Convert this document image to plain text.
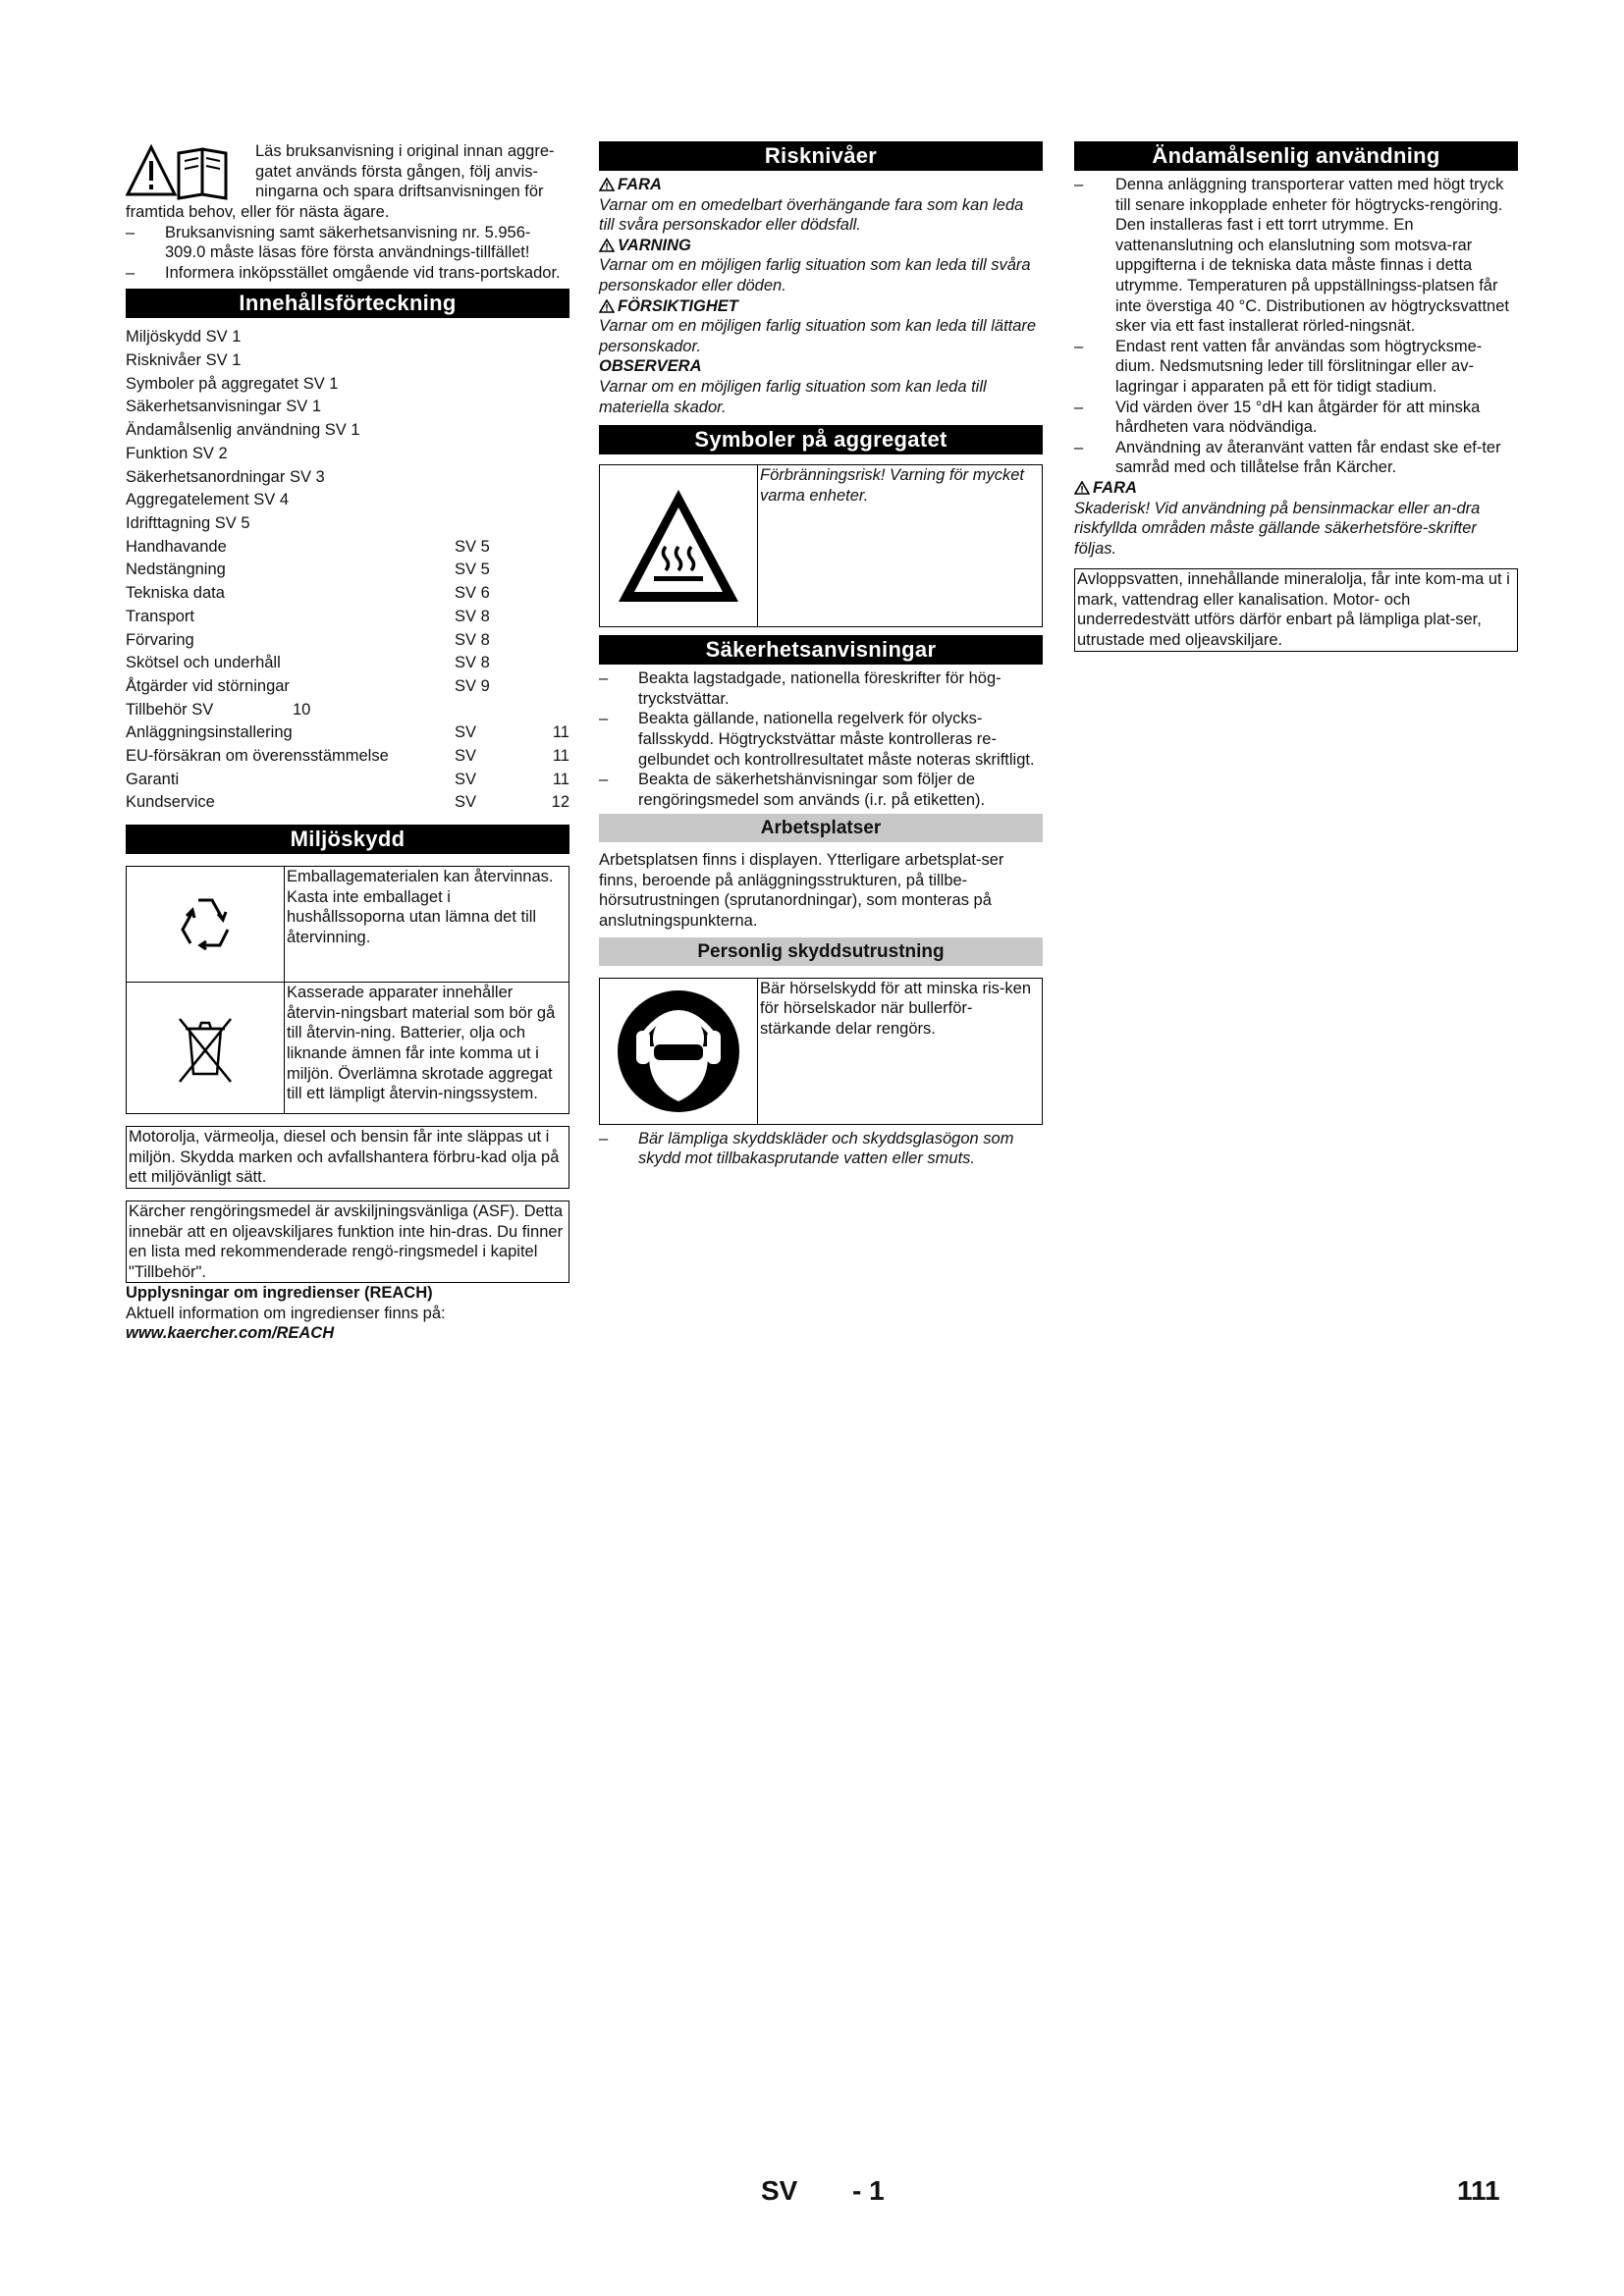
Läs bruksanvisning i original innan aggre-gatet används första gången, följ anvis-ningarna och spara driftsanvisningen för

framtida behov, eller för nästa ägare.

– Bruksanvisning samt säkerhetsanvisning nr. 5.956-309.0 måste läsas före första användnings-tillfället!

– Informera inköpsstället omgående vid trans-portskador.

Innehållsförteckning

Miljöskydd SV 1

Risknivåer SV 1

Symboler på aggregatet SV 1

Säkerhetsanvisningar SV 1

Ändamålsenlig användning SV 1

Funktion SV 2

Säkerhetsanordningar SV 3

Aggregatelement SV 4

Idrifttagning SV 5

Handhavande	SV 5
Nedstängning	SV 5
Tekniska data	SV 6
Transport	SV 8
Förvaring	SV 8
Skötsel och underhåll	SV 8
Åtgärder vid störningar	SV 9
Tillbehör SV	10
Anläggningsinstallering	SV	11
EU-försäkran om överensstämmelse	SV	11
Garanti	SV	11
Kundservice	SV	12
Miljöskydd
Emballagematerialen kan återvinnas. Kasta inte emballaget i hushållssoporna utan lämna det till återvinning.
Kasserade apparater innehåller återvin-ningsbart material som bör gå till återvin-ning. Batterier, olja och liknande ämnen får inte komma ut i miljön. Överlämna skrotade aggregat till ett lämpligt återvin-ningssystem.
Motorolja, värmeolja, diesel och bensin får inte släppas ut i miljön. Skydda marken och avfallshantera förbru-kad olja på ett miljövänligt sätt.
Kärcher rengöringsmedel är avskiljningsvänliga (ASF). Detta innebär att en oljeavskiljares funktion inte hin-dras. Du finner en lista med rekommenderade rengö-ringsmedel i kapitel "Tillbehör".

Upplysningar om ingredienser (REACH)

Aktuell information om ingredienser finns på:

www.kaercher.com/REACH

Risknivåer

FARA

Varnar om en omedelbart överhängande fara som kan leda till svåra personskador eller dödsfall.

VARNING

Varnar om en möjligen farlig situation som kan leda till svåra personskador eller döden.

FÖRSIKTIGHET

Varnar om en möjligen farlig situation som kan leda till lättare personskador.

OBSERVERA

Varnar om en möjligen farlig situation som kan leda till materiella skador.

Symboler på aggregatet
Förbränningsrisk! Varning för mycket varma enheter.
Säkerhetsanvisningar

– Beakta lagstadgade, nationella föreskrifter för hög-tryckstvättar.

– Beakta gällande, nationella regelverk för olycks-fallsskydd. Högtryckstvättar måste kontrolleras re-gelbundet och kontrollresultatet måste noteras skriftligt.

– Beakta de säkerhetshänvisningar som följer de rengöringsmedel som används (i.r. på etiketten).

Arbetsplatser

Arbetsplatsen finns i displayen. Ytterligare arbetsplat-ser finns, beroende på anläggningsstrukturen, på tillbe-hörsutrustningen (sprutanordningar), som monteras på anslutningspunkterna.

Personlig skyddsutrustning
Bär hörselskydd för att minska ris-ken för hörselskador när bullerför-stärkande delar rengörs.

– Bär lämpliga skyddskläder och skyddsglasögon som skydd mot tillbakasprutande vatten eller smuts.

Ändamålsenlig användning

– Denna anläggning transporterar vatten med högt tryck till senare inkopplade enheter för högtrycks-rengöring. Den installeras fast i ett torrt utrymme. En vattenanslutning och elanslutning som motsva-rar uppgifterna i de tekniska data måste finnas i detta utrymme. Temperaturen på uppställningss-platsen får inte överstiga 40 °C. Distributionen av högtrycksvattnet sker via ett fast installerat rörled-ningsnät.

– Endast rent vatten får användas som högtrycksme-dium. Nedsmutsning leder till förslitningar eller av-lagringar i apparaten på ett för tidigt stadium.

– Vid värden över 15 °dH kan åtgärder för att minska hårdheten vara nödvändiga.

– Användning av återanvänt vatten får endast ske ef-ter samråd med och tillåtelse från Kärcher.

FARA

Skaderisk! Vid användning på bensinmackar eller an-dra riskfyllda områden måste gällande säkerhetsföre-skrifter följas.

Avloppsvatten, innehållande mineralolja, får inte kom-ma ut i mark, vattendrag eller kanalisation. Motor- och underredestvätt utförs därför enbart på lämpliga plat-ser, utrustade med oljeavskiljare.
SV - 1	111
